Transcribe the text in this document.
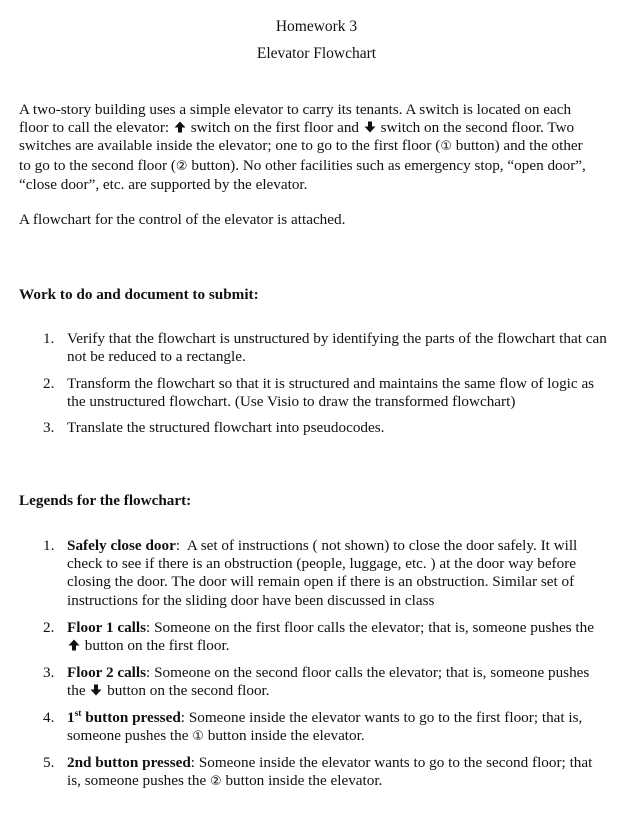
Homework 3
Elevator Flowchart
A two-story building uses a simple elevator to carry its tenants. A switch is located on each floor to call the elevator:  switch on the first floor and  switch on the second floor. Two switches are available inside the elevator; one to go to the first floor (① button) and the other to go to the second floor (② button). No other facilities such as emergency stop, “open door”, “close door”, etc. are supported by the elevator.
A flowchart for the control of the elevator is attached.
Work to do and document to submit:
1. Verify that the flowchart is unstructured by identifying the parts of the flowchart that can not be reduced to a rectangle.
2. Transform the flowchart so that it is structured and maintains the same flow of logic as the unstructured flowchart. (Use Visio to draw the transformed flowchart)
3. Translate the structured flowchart into pseudocodes.
Legends for the flowchart:
1. Safely close door:  A set of instructions ( not shown) to close the door safely. It will check to see if there is an obstruction (people, luggage, etc. ) at the door way before closing the door. The door will remain open if there is an obstruction. Similar set of instructions for the sliding door have been discussed in class
2. Floor 1 calls: Someone on the first floor calls the elevator; that is, someone pushes the  button on the first floor.
3. Floor 2 calls: Someone on the second floor calls the elevator; that is, someone pushes the  button on the second floor.
4. 1st button pressed: Someone inside the elevator wants to go to the first floor; that is, someone pushes the ① button inside the elevator.
5. 2nd button pressed: Someone inside the elevator wants to go to the second floor; that is, someone pushes the ② button inside the elevator.
